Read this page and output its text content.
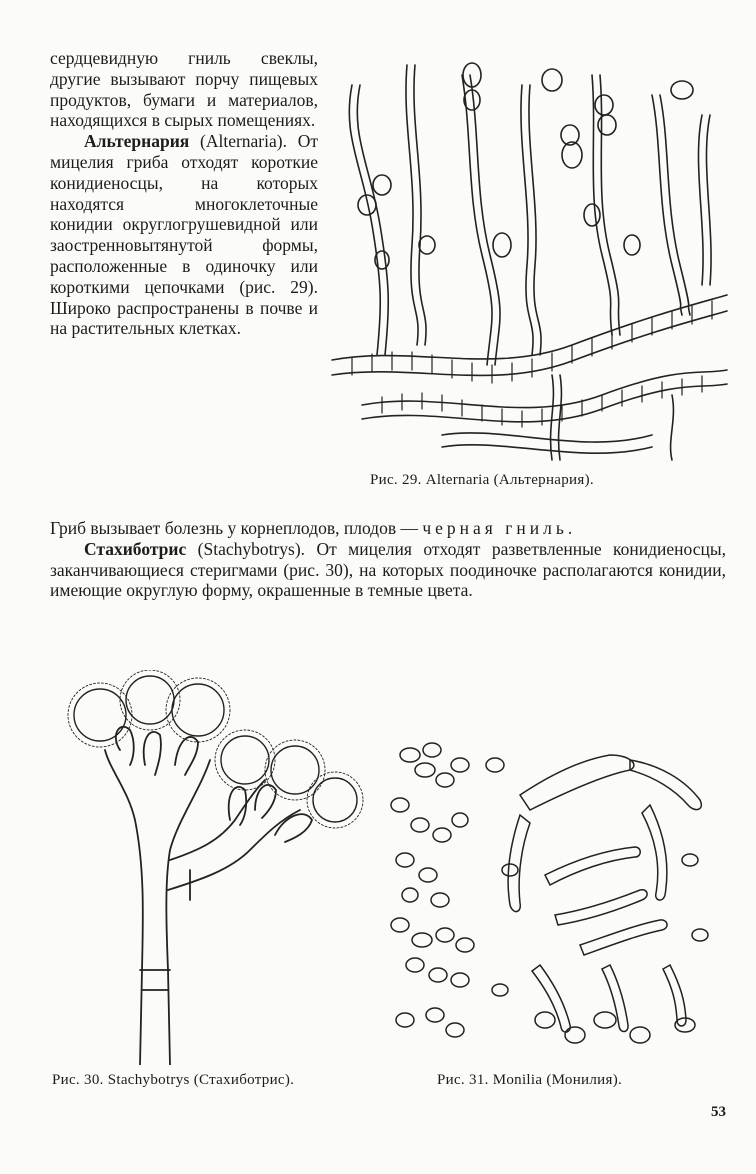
сердцевидную гниль свеклы, другие вызывают порчу пищевых продуктов, бумаги и материалов, находящихся в сырых помещениях.

Альтернария (Alternaria). От мицелия гриба отходят короткие конидиеносцы, на которых находятся многоклеточные конидии округлогрушевидной или заостренновытянутой формы, расположенные в одиночку или короткими цепочками (рис. 29). Широко распространены в почве и на растительных клетках.

Рис. 29. Alternaria (Альтернария).

Гриб вызывает болезнь у корнеплодов, плодов — черная гниль.

Стахиботрис (Stachybotrys). От мицелия отходят разветвленные конидиеносцы, заканчивающиеся стеригмами (рис. 30), на которых поодиночке располагаются конидии, имеющие округлую форму, окрашенные в темные цвета.

Рис. 30. Stachybotrys (Стахиботрис).	Рис. 31. Monilia (Монилия).
53
